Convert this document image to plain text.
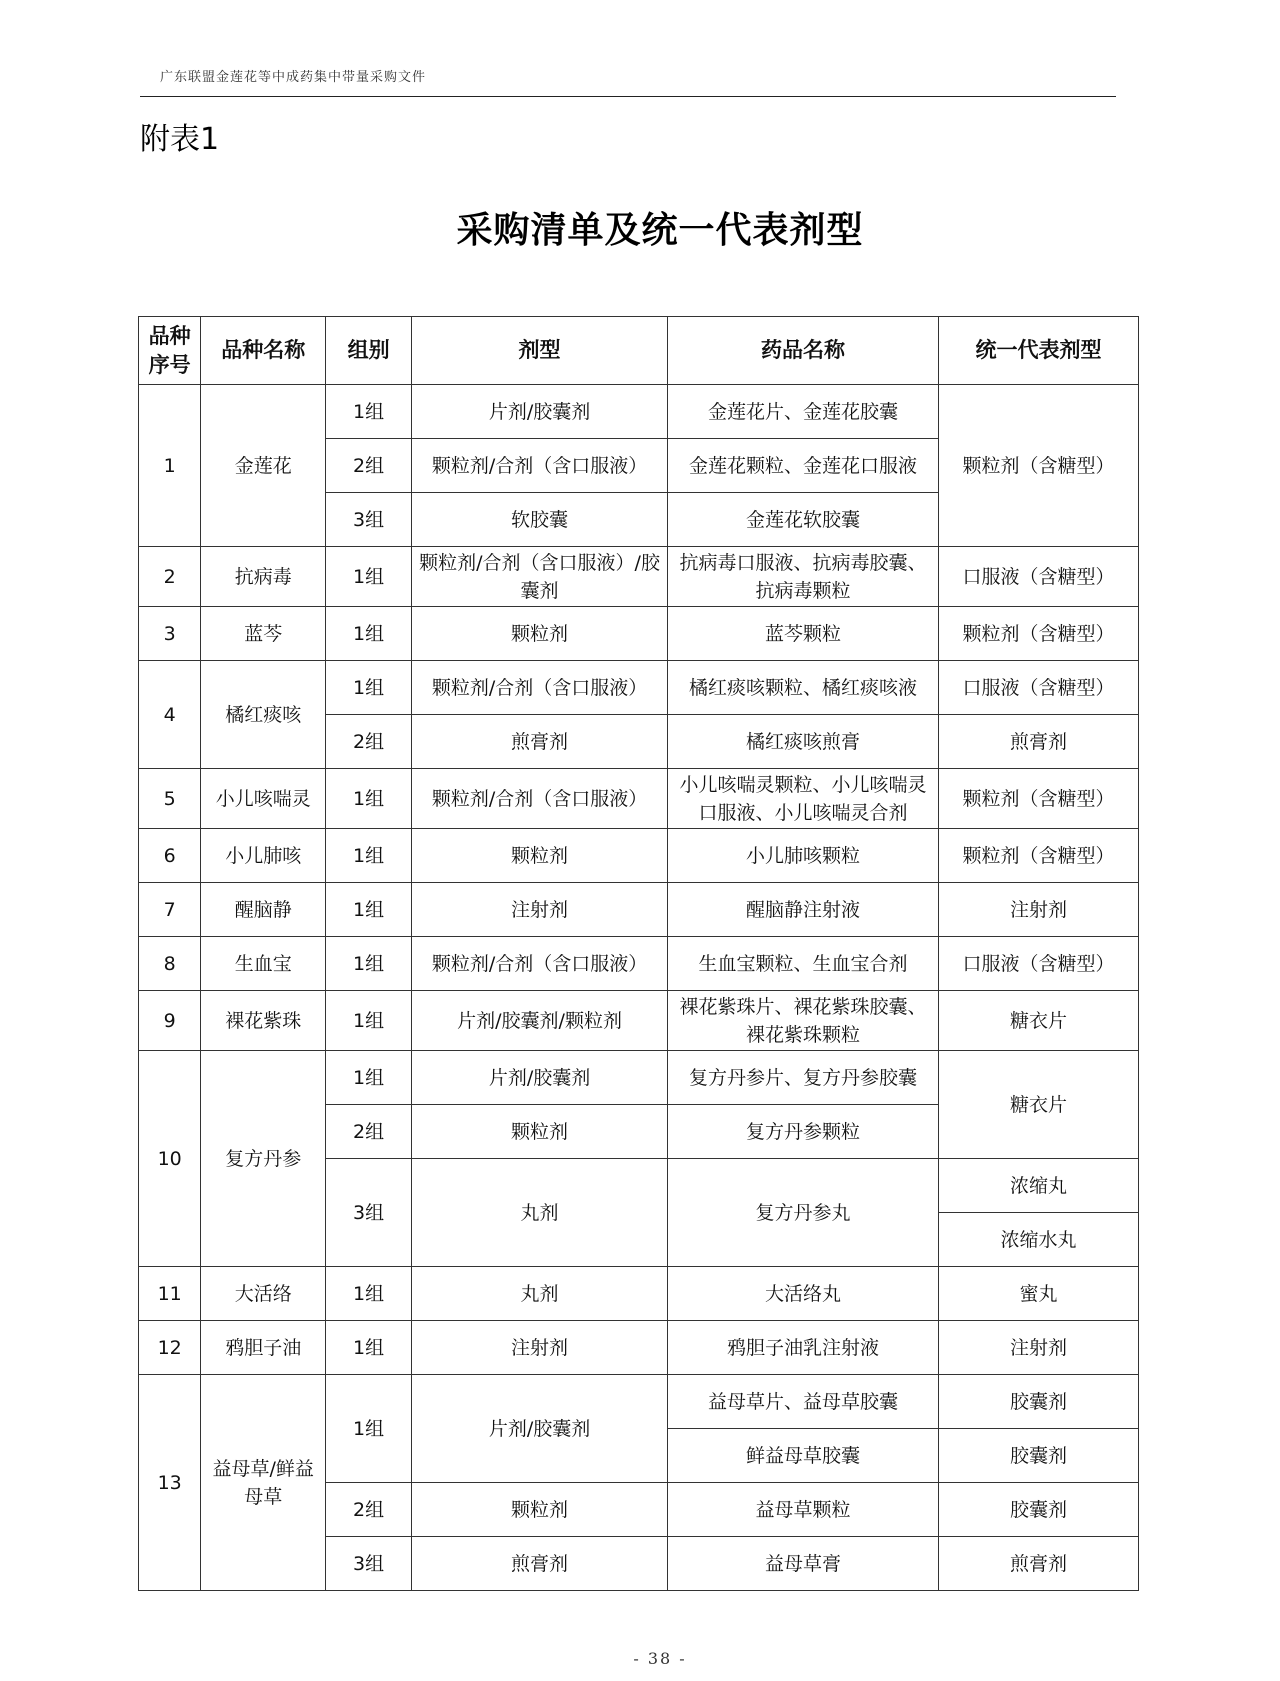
广东联盟金莲花等中成药集中带量采购文件
附表1
采购清单及统一代表剂型
品种序号	品种名称	组别	剂型	药品名称	统一代表剂型
1	金莲花	1组	片剂/胶囊剂	金莲花片、金莲花胶囊	颗粒剂（含糖型）
		2组	颗粒剂/合剂（含口服液）	金莲花颗粒、金莲花口服液	
		3组	软胶囊	金莲花软胶囊	
2	抗病毒	1组	颗粒剂/合剂（含口服液）/胶囊剂	抗病毒口服液、抗病毒胶囊、抗病毒颗粒	口服液（含糖型）
3	蓝芩	1组	颗粒剂	蓝芩颗粒	颗粒剂（含糖型）
4	橘红痰咳	1组	颗粒剂/合剂（含口服液）	橘红痰咳颗粒、橘红痰咳液	口服液（含糖型）
		2组	煎膏剂	橘红痰咳煎膏	煎膏剂
5	小儿咳喘灵	1组	颗粒剂/合剂（含口服液）	小儿咳喘灵颗粒、小儿咳喘灵口服液、小儿咳喘灵合剂	颗粒剂（含糖型）
6	小儿肺咳	1组	颗粒剂	小儿肺咳颗粒	颗粒剂（含糖型）
7	醒脑静	1组	注射剂	醒脑静注射液	注射剂
8	生血宝	1组	颗粒剂/合剂（含口服液）	生血宝颗粒、生血宝合剂	口服液（含糖型）
9	裸花紫珠	1组	片剂/胶囊剂/颗粒剂	裸花紫珠片、裸花紫珠胶囊、裸花紫珠颗粒	糖衣片
10	复方丹参	1组	片剂/胶囊剂	复方丹参片、复方丹参胶囊	糖衣片
		2组	颗粒剂	复方丹参颗粒	
		3组	丸剂	复方丹参丸	浓缩丸
					浓缩水丸
11	大活络	1组	丸剂	大活络丸	蜜丸
12	鸦胆子油	1组	注射剂	鸦胆子油乳注射液	注射剂
13	益母草/鲜益母草	1组	片剂/胶囊剂	益母草片、益母草胶囊	胶囊剂
				鲜益母草胶囊	胶囊剂
		2组	颗粒剂	益母草颗粒	胶囊剂
		3组	煎膏剂	益母草膏	煎膏剂
- 38 -
